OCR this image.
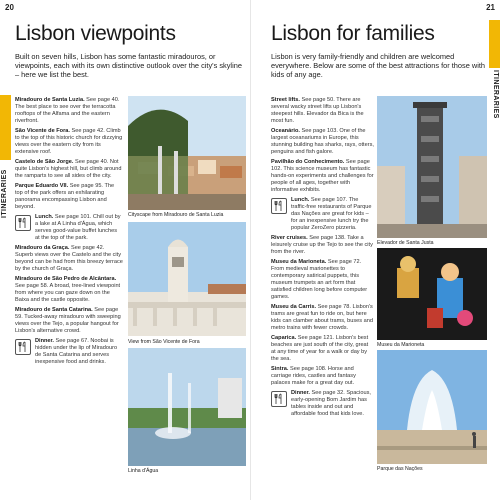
20
ITINERARIES
Lisbon viewpoints
Built on seven hills, Lisbon has some fantastic miradouros, or viewpoints, each with its own distinctive outlook over the city's skyline – here we list the best.
Miradouro de Santa Luzia. See page 40. The best place to see over the terracotta rooftops of the Alfama and the eastern riverfront.
São Vicente de Fora. See page 42. Climb to the top of this historic church for dizzying views over the eastern city from its extensive roof.
Castelo de São Jorge. See page 40. Not quite Lisbon's highest hill, but climb around the ramparts to see all sides of the city.
Parque Eduardo VII. See page 95. The top of the park offers an exhilarating panorama encompassing Lisbon and beyond.
Lunch. See page 101. Chill out by a lake at A Linha d'Água, which serves good-value buffet lunches at the top of the park.
Miradouro da Graça. See page 42. Superb views over the Castelo and the city beyond can be had from this breezy terrace by the church of Graça.
Miradouro de São Pedro de Alcântara. See page 58. A broad, tree-lined viewpoint from where you can gaze down on the Baixa and the castle opposite.
Miradouro de Santa Catarina. See page 59. Tucked-away miradouro with sweeping views over the Tejo, a popular hangout for Lisbon's alternative crowd.
Dinner. See page 67. Noobai is hidden under the lip of Miradouro de Santa Catarina and serves inexpensive food and drinks.
Cityscape from Miradouro de Santa Luzia
View from São Vicente de Fora
Linha d'Água
21
ITINERARIES
Lisbon for families
Lisbon is very family-friendly and children are welcomed everywhere. Below are some of the best attractions for those with kids of any age.
Street lifts. See page 50. There are several wacky street lifts up Lisbon's steepest hills. Elevador da Bica is the most fun.
Oceanário. See page 103. One of the largest oceanariums in Europe, this stunning building has sharks, rays, otters, penguins and fish galore.
Pavilhão do Conhecimento. See page 102. This science museum has fantastic hands-on experiments and challenges for people of all ages, together with informative exhibits.
Lunch. See page 107. The traffic-free restaurants of Parque das Nações are great for kids – for an inexpensive lunch try the popular ZeroZero pizzeria.
River cruises. See page 138. Take a leisurely cruise up the Tejo to see the city from the river.
Museu da Marioneta. See page 72. From medieval marionettes to contemporary satirical puppets, this museum trumpets an art form that satisfied children long before computer games.
Museu da Carris. See page 78. Lisbon's trams are great fun to ride on, but here kids can clamber about trams, buses and metro trains with fewer crowds.
Caparica. See page 121. Lisbon's best beaches are just south of the city, great at any time of year for a walk or day by the sea.
Sintra. See page 108. Horse and carriage rides, castles and fantasy palaces make for a great day out.
Dinner. See page 32. Spacious, early-opening Bom Jardim has tables inside and out and affordable food that kids love.
Elevador de Santa Justa
Museu da Marioneta
Parque das Nações
